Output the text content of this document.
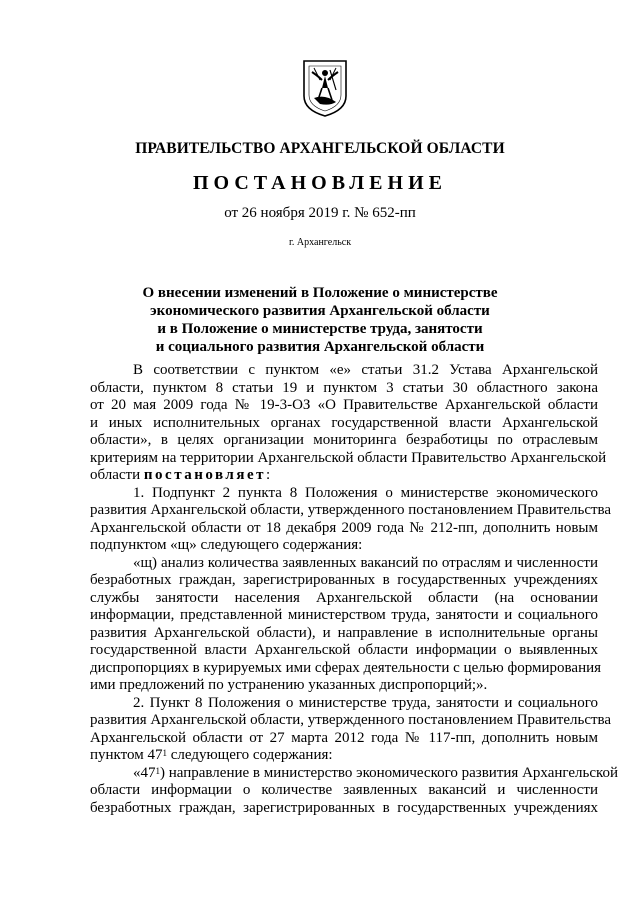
ПРАВИТЕЛЬСТВО АРХАНГЕЛЬСКОЙ ОБЛАСТИ
ПОСТАНОВЛЕНИЕ
от 26 ноября 2019 г. № 652-пп
г. Архангельск
О внесении изменений в Положение о министерстве
экономического развития Архангельской области
и в Положение о министерстве труда, занятости
и социального развития Архангельской области
В соответствии с пунктом «е» статьи 31.2 Устава Архангельской
области, пунктом 8 статьи 19 и пунктом 3 статьи 30 областного закона
от 20 мая 2009 года № 19-3-ОЗ «О Правительстве Архангельской области
и иных исполнительных органах государственной власти Архангельской
области», в целях организации мониторинга безработицы по отраслевым
критериям на территории Архангельской области Правительство Архангельской
области постановляет:
1. Подпункт 2 пункта 8 Положения о министерстве экономического
развития Архангельской области, утвержденного постановлением Правительства
Архангельской области от 18 декабря 2009 года № 212-пп, дополнить новым
подпунктом «щ» следующего содержания:
«щ) анализ количества заявленных вакансий по отраслям и численности
безработных граждан, зарегистрированных в государственных учреждениях
службы занятости населения Архангельской области (на основании
информации, представленной министерством труда, занятости и социального
развития Архангельской области), и направление в исполнительные органы
государственной власти Архангельской области информации о выявленных
диспропорциях в курируемых ими сферах деятельности с целью формирования
ими предложений по устранению указанных диспропорций;».
2. Пункт 8 Положения о министерстве труда, занятости и социального
развития Архангельской области, утвержденного постановлением Правительства
Архангельской области от 27 марта 2012 года № 117-пп, дополнить новым
пунктом $47^1$ следующего содержания:
«$47^1$) направление в министерство экономического развития Архангельской
области информации о количестве заявленных вакансий и численности
безработных граждан, зарегистрированных в государственных учреждениях
